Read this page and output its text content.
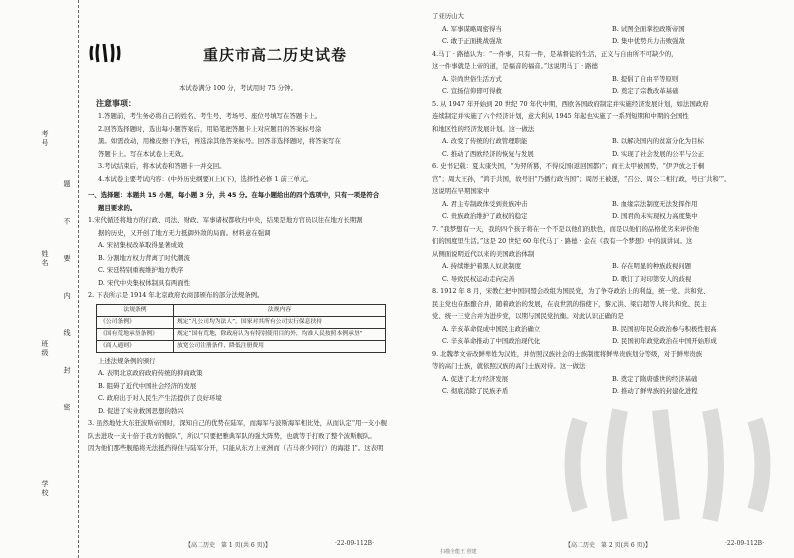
考号
姓名
班级
学校
题 不 要 内 线 封 密
重庆市高二历史试卷

本试卷满分 100 分，考试用时 75 分钟。

注意事项：

1.答题前，考生务必将自己的姓名、考生号、考场号、座位号填写在答题卡上。

2.回答选择题时，选出每小题答案后，用铅笔把答题卡上对应题目的答案标号涂

黑。如需改动，用橡皮擦干净后，再选涂其他答案标号。回答非选择题时，将答案写在

答题卡上。写在本试卷上无效。

3.考试结束后，将本试卷和答题卡一并交回。

4.本试卷主要考试内容：(中外历史纲要)(上)(下)，选择性必修 1 前三单元。

一、选择题：本题共 15 小题，每小题 3 分，共 45 分。在每小题给出的四个选项中，只有一项是符合

题目要求的。

1.宋代循还将地方的行政、司法、财政、军事诸权都收归中央，结果是地方官员以往在地方长期割

据的历史，又开创了地方无力抵御外敌的局面。材料意在强调

A. 宋初集权改革取得显著成效

B. 分割地方权力背离了时代潮流

C. 宋廷特别重视维护地方秩序

D. 宋代中央集权体制具有两面性

2. 下表所示是 1914 年北京政府农商部颁布的部分法规条例。

法规条例	法规内容
《公司条例》	规定“凡公司均为法人”，国家对其所有公司实行保息扶持
《国有荒地承垦条例》	规定“国有荒地，除政府认为有特别使用目的外，均准人民按照本例承垦”
《商人通则》	放宽公司注册条件，降低注册费用

上述法规条例的颁行

A. 表明北京政府政府传统的抑商政策

B. 阻碍了近代中国社会经济的发展

C. 政府出于对人民生产生活提供了良好环境

D. 促进了实业救国思想的勃兴

3. 虽然地处大东狂波斯帝国时，深知自己的优势在陆军，而海军与波斯海军相比处，从而认定“用一支小舰

队去进攻一支十倍于我方的舰队”，所以“只要把雅典军队的强大阵势，也就等于打败了整个波斯舰队。

因为他们那些舰船将无法抵挡得住与陆军分开，只能从东方上亚洲而（吉马喜少同行）的海港 ]”。这表明

了亚历山大

A. 军事谋略周密得当	B. 试图全面掌控政斯帝国
C. 敢于正面挑战强敌	D. 集中优势兵力击败强敌

4.马丁 · 路德认为：“一件事，只有一件，是基督徒的生活，正义与自由所不可缺少的，

这一件事就是上帝的道，是福音的福音。”这说明马丁 · 路德

A. 崇尚世俗生活方式	B. 提倡了自由平等原则
C. 宣扬信仰即可得救	D. 奠定了宗教改革基础

5. 从 1947 年开始到 20 世纪 70 年代中期，西欧各国政府制定并实施经济发展计划，如法国政府

连续制定并实施了六个经济计划，意大利从 1945 年起也实施了一系列短期和中期的全国性

和地区性的经济发展计划。这一做法

A. 改变了传统的行政管理职能	B. 以解决国内的贫富分化为目标
C. 推动了西欧经济的恢复与发展	D. 实现了社会发展的公平与公正

6. 史书记载：夏太康失国，“为羿所篡，不得反国(返回国都)”；商王太甲被国势，“伊尹放之于桐

宫”；周大王孙，“鸿于共国，故号旧“乃播行政当国”；周厉王被逐，“召公、周公二相行政，号曰‘共和’”。

这说明在早期国家中

A. 君主专制政体受到贵族冲击	B. 血缘宗法制度无法发挥作用
C. 贵族政治维护了政权的稳定	D. 国君尚未实现权力高度集中

7. “我梦想有一天，我的四个孩子将在一个不是以他们的肤色，而是以他们的品格优劣来评价他

们的国度里生活。”这是 20 世纪 60 年代马丁 · 路德 · 金在《我有一个梦想》中的演讲词。这

从侧面说明近代以来的美国政治体制

A. 持续维护着黑人奴隶制度	B. 存在明显的种族歧视问题
C. 导致民权运动走向完善	D. 歌订了对印第安人的歧视

8. 1912 年 8 月，宋教仁把中国同盟会改组为国民党，为了争夺政治上的利益，统一党、共和党、

民主党也在酝酿合并，随着政治的发展，在袁世凯的指使下，黎元洪、梁启超等人将共和党、民主

党、统一三党合并为进步党，以期与国民党抗衡。对此认识正确的是

A. 辛亥革命促成中国民主政治确立	B. 民国初年民众政治参与积极性很高
C. 辛亥革命推动了中国政治现代化	D. 民国初年政党政治在中国开始形成

9. 北魏孝文帝改鲜卑姓为汉姓，并仿照汉族社会的士族制度将鲜卑贵族划分等级，对于鲜卑贵族

等的高门士族，就依照汉族的高门士族对待。这一做法

A. 促进了北方经济发展	B. 奠定了隋唐盛世的经济基础
C. 彻底消除了民族矛盾	D. 推动了鲜卑族的封建化进程
【高二历史　第 1 页(共 6 页)】	·22-09-112B·	【高二历史　第 2 页(共 6 页)】	·22-09-112B·
扫描全能王 创建
